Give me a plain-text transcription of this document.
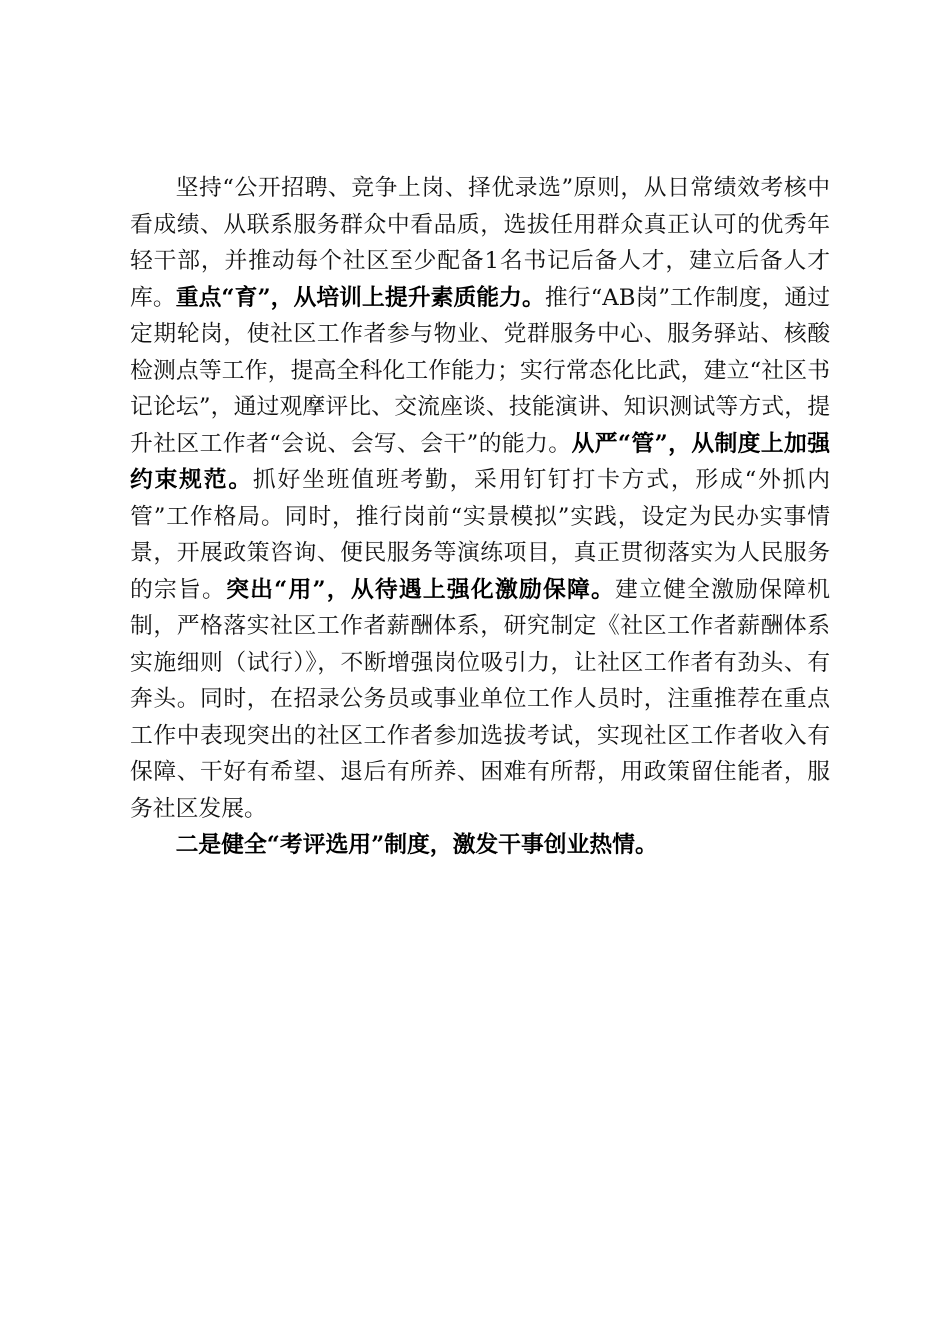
坚持“公开招聘、竞争上岗、择优录选”原则，从日常绩效考核中看成绩、从联系服务群众中看品质，选拔任用群众真正认可的优秀年轻干部，并推动每个社区至少配备1名书记后备人才，建立后备人才库。重点“育”，从培训上提升素质能力。推行“AB岗”工作制度，通过定期轮岗，使社区工作者参与物业、党群服务中心、服务驿站、核酸检测点等工作，提高全科化工作能力；实行常态化比武，建立“社区书记论坛”，通过观摩评比、交流座谈、技能演讲、知识测试等方式，提升社区工作者“会说、会写、会干”的能力。从严“管”，从制度上加强约束规范。抓好坐班值班考勤，采用钉钉打卡方式，形成“外抓内管”工作格局。同时，推行岗前“实景模拟”实践，设定为民办实事情景，开展政策咨询、便民服务等演练项目，真正贯彻落实为人民服务的宗旨。突出“用”，从待遇上强化激励保障。建立健全激励保障机制，严格落实社区工作者薪酬体系，研究制定《社区工作者薪酬体系实施细则（试行）》，不断增强岗位吸引力，让社区工作者有劲头、有奔头。同时，在招录公务员或事业单位工作人员时，注重推荐在重点工作中表现突出的社区工作者参加选拔考试，实现社区工作者收入有保障、干好有希望、退后有所养、困难有所帮，用政策留住能者，服务社区发展。

二是健全“考评选用”制度，激发干事创业热情。
